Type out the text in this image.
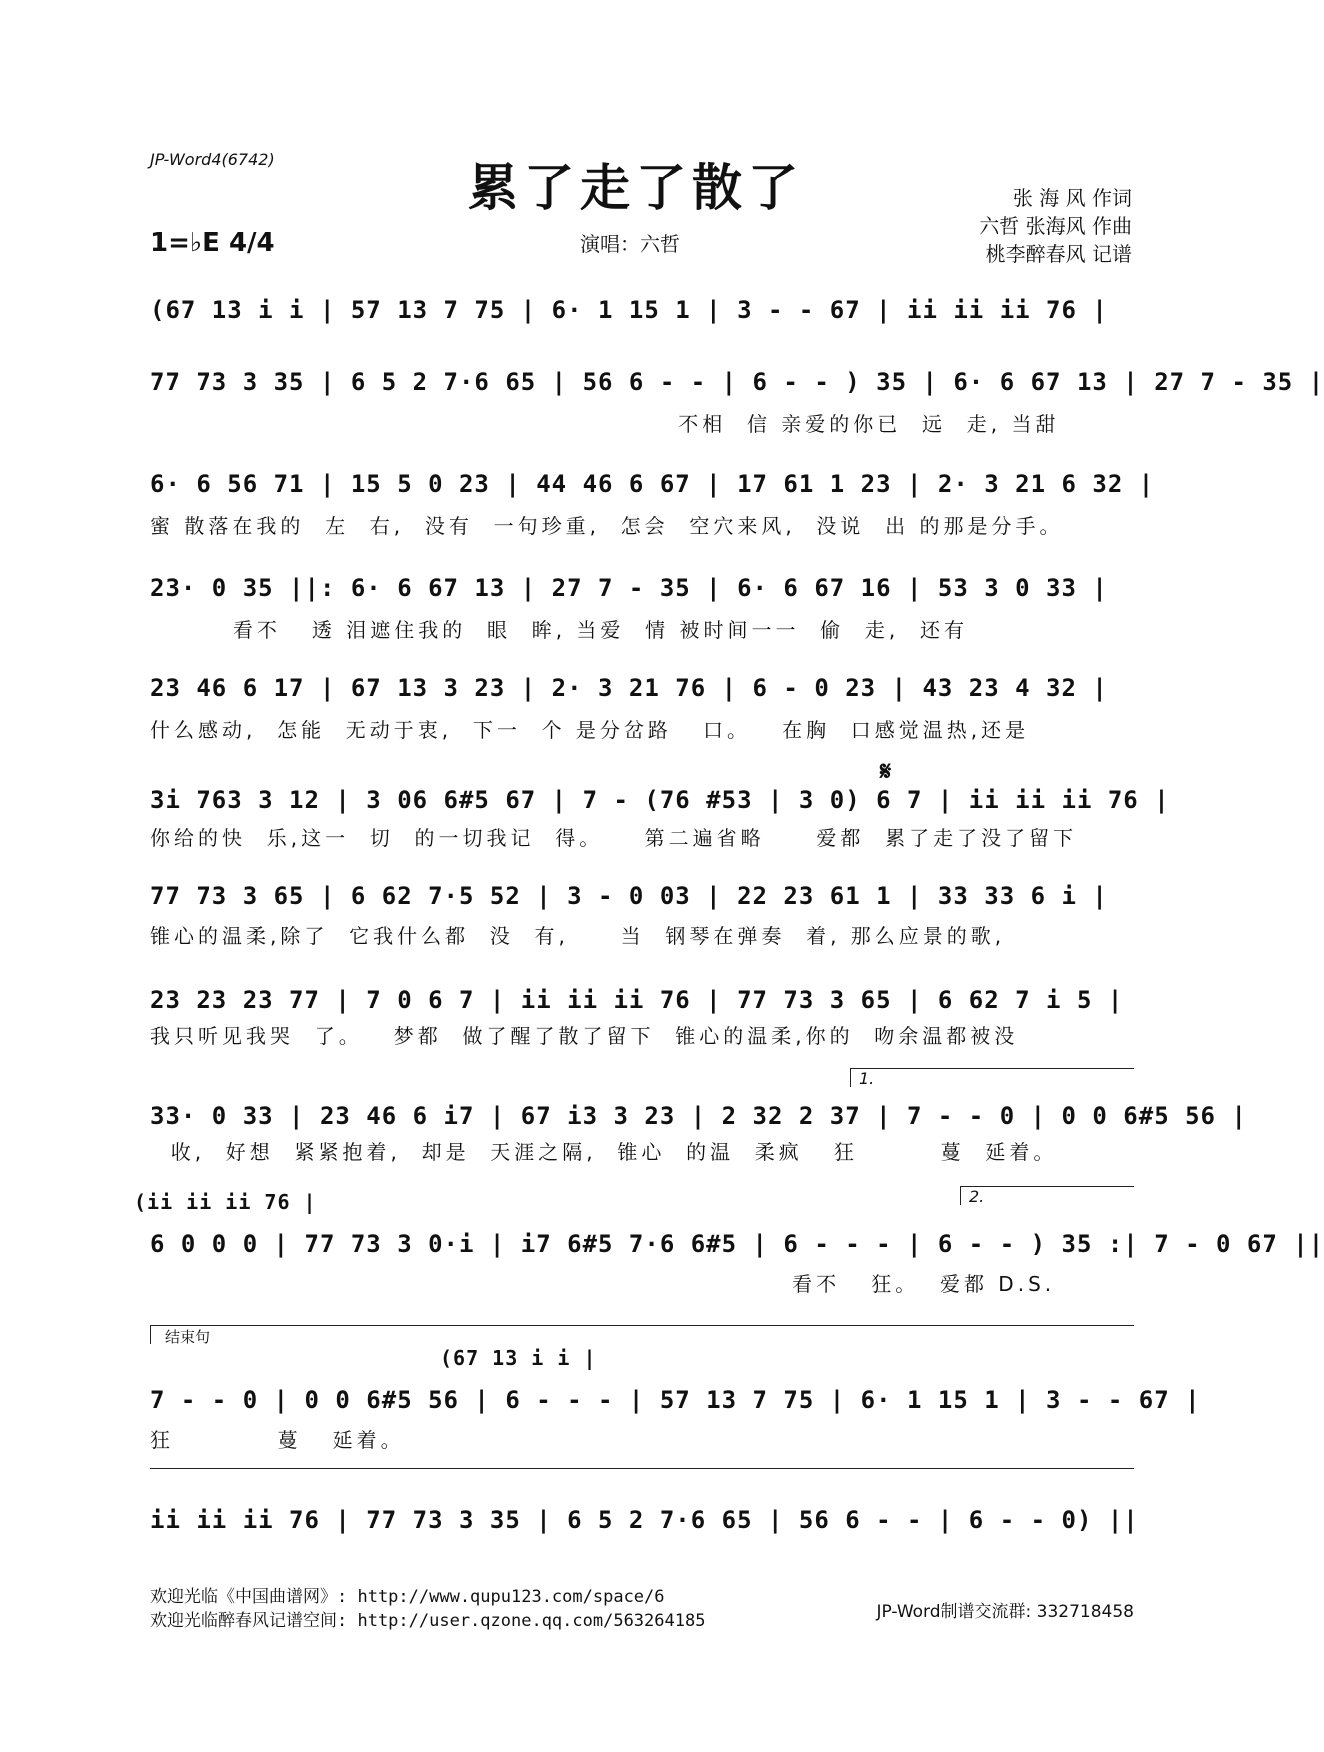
JP-Word4(6742)	累了走了散了
1=♭E 4/4	演唱：六哲
张 海 风 作词
六哲 张海风 作曲
桃李醉春风 记谱
(67 13 i i | 57 13 7 75 | 6· 1 15 1 | 3 - - 67 | ii ii ii 76 |
77 73 3 35 | 6 5 2 7·6 65 | 56 6 - - | 6 - - ) 35 | 6· 6 67 13 | 27 7 - 35 |
不相  信 亲爱的你已  远  走, 当甜
6· 6 56 71 | 15 5 0 23 | 44 46 6 67 | 17 61 1 23 | 2· 3 21 6 32 |
蜜 散落在我的  左  右,  没有  一句珍重,  怎会  空穴来风,  没说  出 的那是分手。
23· 0 35 ||: 6· 6 67 13 | 27 7 - 35 | 6· 6 67 16 | 53 3 0 33 |
看不   透 泪遮住我的  眼  眸, 当爱  情 被时间一一  偷  走,  还有
23 46 6 17 | 67 13 3 23 | 2· 3 21 76 | 6 - 0 23 | 43 23 4 32 |
什么感动,  怎能  无动于衷,  下一  个 是分岔路   口。   在胸  口感觉温热,还是
𝄋
3i 763 3 12 | 3 06 6#5 67 | 7 - (76 #53 | 3 0) 6 7 | ii ii ii 76 |
你给的快  乐,这一  切  的一切我记  得。    第二遍省略     爱都  累了走了没了留下
77 73 3 65 | 6 62 7·5 52 | 3 - 0 03 | 22 23 61 1 | 33 33 6 i |
锥心的温柔,除了  它我什么都  没  有,     当  钢琴在弹奏  着, 那么应景的歌,
23 23 23 77 | 7 0 6 7 | ii ii ii 76 | 77 73 3 65 | 6 62 7 i 5 |
我只听见我哭  了。   梦都  做了醒了散了留下  锥心的温柔,你的  吻余温都被没
1.
33· 0 33 | 23 46 6 i7 | 67 i3 3 23 | 2 32 2 37 | 7 - - 0 | 0 0 6#5 56 |
收,  好想  紧紧抱着,  却是  天涯之隔,  锥心  的温  柔疯   狂        蔓  延着。
(ii ii ii 76 |	2.
6 0 0 0 | 77 73 3 0·i | i7 6#5 7·6 6#5 | 6 - - - | 6 - - ) 35 :| 7 - 0 67 ||
看不   狂。  爱都 D.S.
结束句
(67 13 i i |
7 - - 0 | 0 0 6#5 56 | 6 - - - | 57 13 7 75 | 6· 1 15 1 | 3 - - 67 |
狂          蔓   延着。
ii ii ii 76 | 77 73 3 35 | 6 5 2 7·6 65 | 56 6 - - | 6 - - 0) ||
欢迎光临《中国曲谱网》: http://www.qupu123.com/space/6
欢迎光临醉春风记谱空间: http://user.qzone.qq.com/563264185	JP-Word制谱交流群: 332718458
